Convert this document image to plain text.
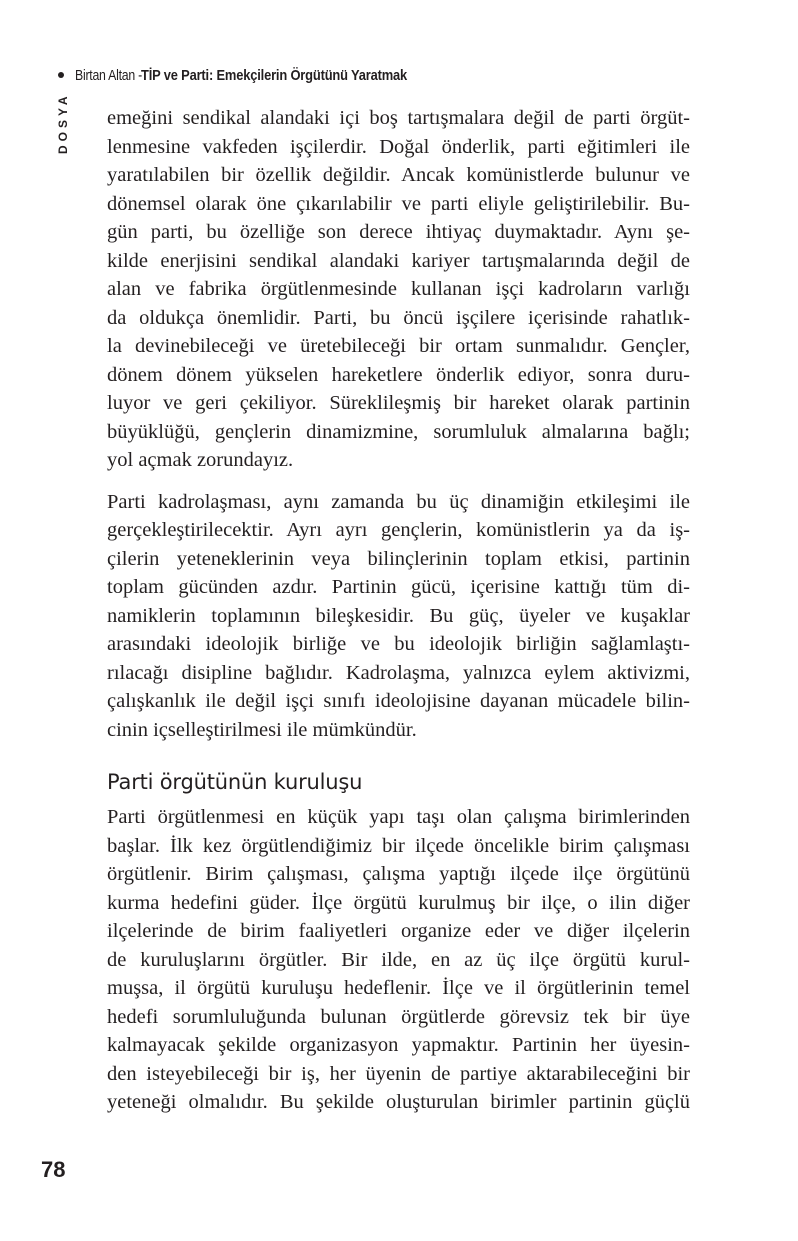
Birtan Altan -
TİP ve Parti: Emekçilerin Örgütünü Yaratmak
DOSYA emeğini sendikal alandaki içi boş tartışmalara değil de parti örgüt-
lenmesine vakfeden işçilerdir. Doğal önderlik, parti eğitimleri ile
yaratılabilen bir özellik değildir. Ancak komünistlerde bulunur ve
dönemsel olarak öne çıkarılabilir ve parti eliyle geliştirilebilir. Bu-
gün parti, bu özelliğe son derece ihtiyaç duymaktadır. Aynı şe-
kilde enerjisini sendikal alandaki kariyer tartışmalarında değil de
alan ve fabrika örgütlenmesinde kullanan işçi kadroların varlığı
da oldukça önemlidir. Parti, bu öncü işçilere içerisinde rahatlık-
la devinebileceği ve üretebileceği bir ortam sunmalıdır. Gençler,
dönem dönem yükselen hareketlere önderlik ediyor, sonra duru-
luyor ve geri çekiliyor. Süreklileşmiş bir hareket olarak partinin
büyüklüğü, gençlerin dinamizmine, sorumluluk almalarına bağlı;
yol açmak zorundayız.
Parti kadrolaşması, aynı zamanda bu üç dinamiğin etkileşimi ile
gerçekleştirilecektir. Ayrı ayrı gençlerin, komünistlerin ya da iş-
çilerin yeteneklerinin veya bilinçlerinin toplam etkisi, partinin
toplam gücünden azdır. Partinin gücü, içerisine kattığı tüm di-
namiklerin toplamının bileşkesidir. Bu güç, üyeler ve kuşaklar
arasındaki ideolojik birliğe ve bu ideolojik birliğin sağlamlaştı-
rılacağı disipline bağlıdır. Kadrolaşma, yalnızca eylem aktivizmi,
çalışkanlık ile değil işçi sınıfı ideolojisine dayanan mücadele bilin-
cinin içselleştirilmesi ile mümkündür.
Parti örgütünün kuruluşu
Parti örgütlenmesi en küçük yapı taşı olan çalışma birimlerinden
başlar. İlk kez örgütlendiğimiz bir ilçede öncelikle birim çalışması
örgütlenir. Birim çalışması, çalışma yaptığı ilçede ilçe örgütünü
kurma hedefini güder. İlçe örgütü kurulmuş bir ilçe, o ilin diğer
ilçelerinde de birim faaliyetleri organize eder ve diğer ilçelerin
de kuruluşlarını örgütler. Bir ilde, en az üç ilçe örgütü kurul-
muşsa, il örgütü kuruluşu hedeflenir. İlçe ve il örgütlerinin temel
hedefi sorumluluğunda bulunan örgütlerde görevsiz tek bir üye
kalmayacak şekilde organizasyon yapmaktır. Partinin her üyesin-
den isteyebileceği bir iş, her üyenin de partiye aktarabileceğini bir
yeteneği olmalıdır. Bu şekilde oluşturulan birimler partinin güçlü
78
